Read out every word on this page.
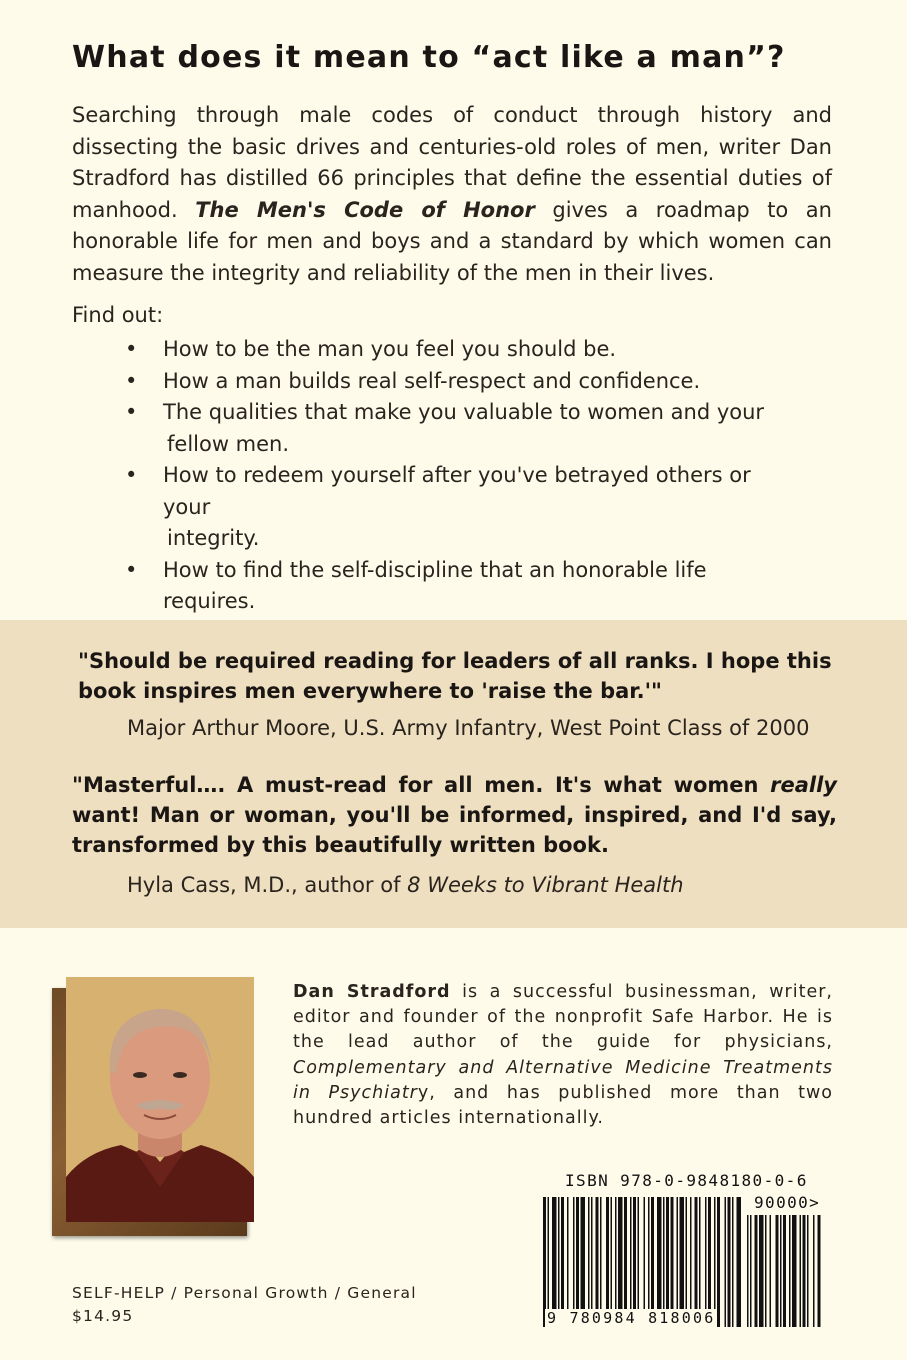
What does it mean to “act like a man”?
Searching through male codes of conduct through history and dissecting the basic drives and centuries-old roles of men, writer Dan Stradford has distilled 66 principles that define the essential duties of manhood. The Men's Code of Honor gives a roadmap to an honorable life for men and boys and a standard by which women can measure the integrity and reliability of the men in their lives.
Find out:
• How to be the man you feel you should be.
• How a man builds real self-respect and confidence.
• The qualities that make you valuable to women and your
fellow men.
• How to redeem yourself after you've betrayed others or your
integrity.
• How to find the self-discipline that an honorable life requires.
"Should be required reading for leaders of all ranks. I hope this book inspires men everywhere to 'raise the bar.'"
Major Arthur Moore, U.S. Army Infantry, West Point Class of 2000
"Masterful…. A must-read for all men. It's what women really want! Man or woman, you'll be informed, inspired, and I'd say, transformed by this beautifully written book.
Hyla Cass, M.D., author of 8 Weeks to Vibrant Health
Dan Stradford is a successful businessman, writer, editor and founder of the nonprofit Safe Harbor. He is the lead author of the guide for physicians, Complementary and Alternative Medicine Treatments in Psychiatry, and has published more than two hundred articles internationally.
ISBN 978-0-9848180-0-6
90000>
9 780984 818006
SELF-HELP / Personal Growth / General
$14.95
